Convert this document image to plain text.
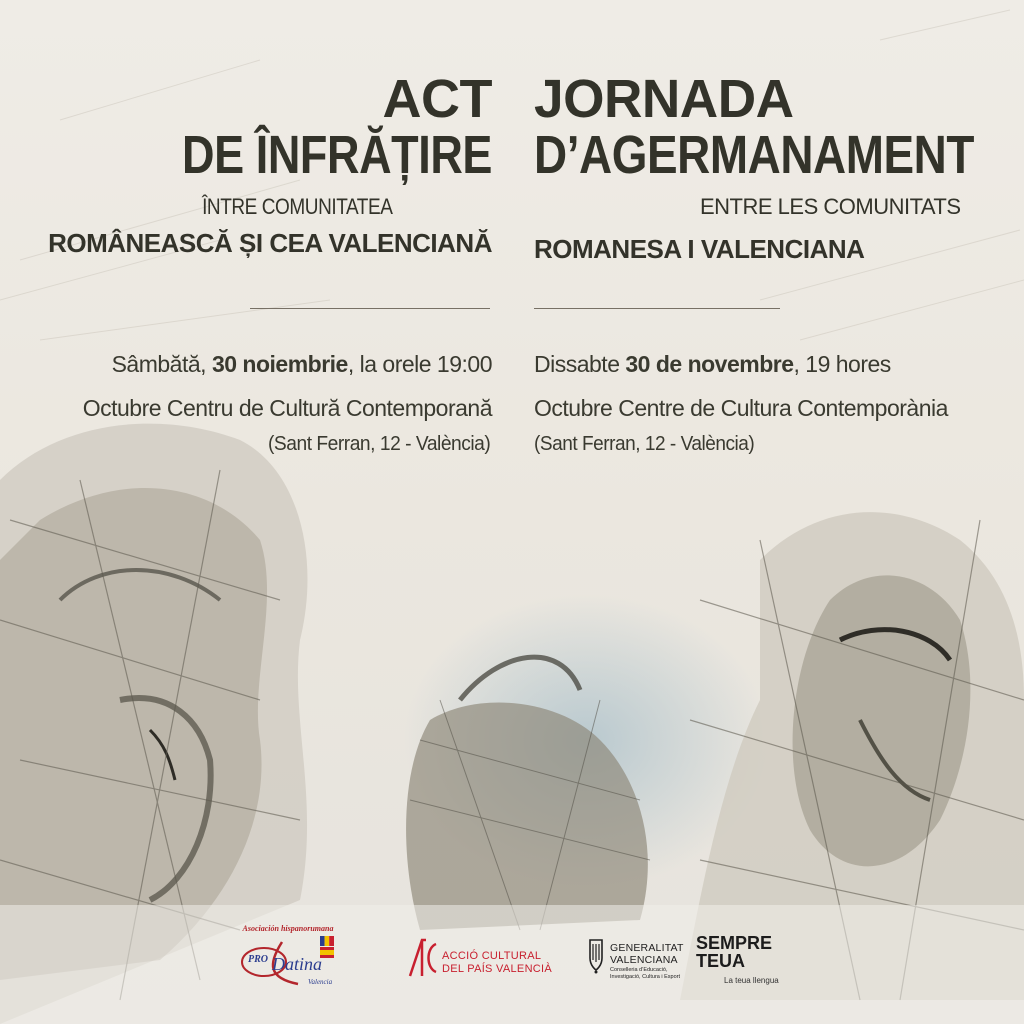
ACT
DE ÎNFRĂȚIRE
ÎNTRE COMUNITATEA
ROMÂNEASCĂ ȘI CEA VALENCIANĂ
Sâmbătă, 30 noiembrie, la orele 19:00
Octubre Centru de Cultură Contemporană
(Sant Ferran, 12 - València)
JORNADA
D’AGERMANAMENT
ENTRE LES COMUNITATS
ROMANESA I VALENCIANA
Dissabte 30 de novembre, 19 hores
Octubre Centre de Cultura Contemporània
(Sant Ferran, 12 - València)
Asociación hispanorumana
PRO Datina
Valencia
ACCIÓ CULTURAL
DEL PAÍS VALENCIÀ
GENERALITAT
VALENCIANA
Conselleria d’Educació,
Investigació, Cultura i Esport
SEMPRE
TEUA
La teua llengua
